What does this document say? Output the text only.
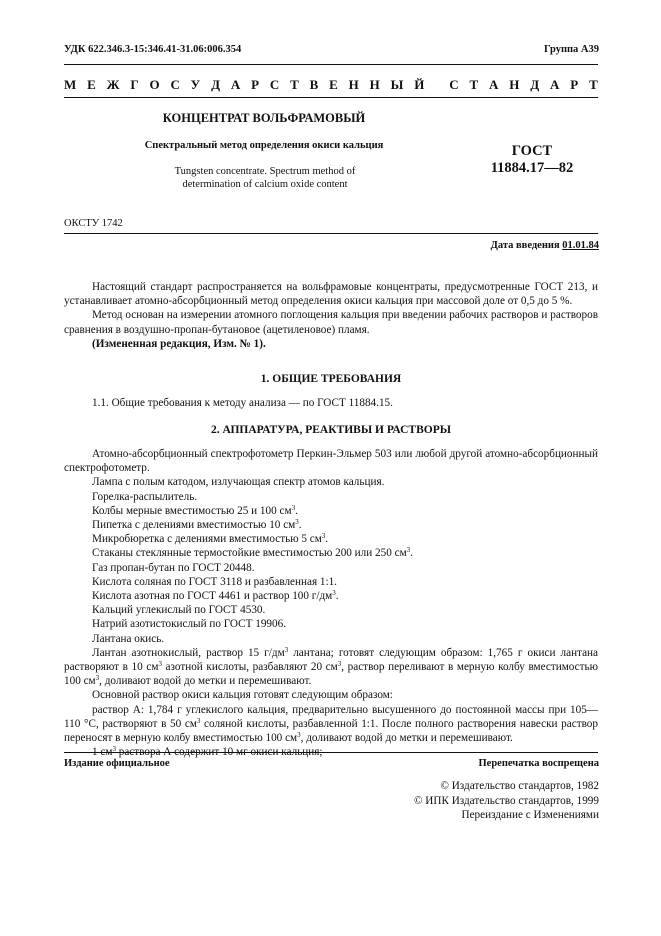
УДК 622.346.3-15:346.41-31.06:006.354	Группа А39
М Е Ж Г О С У Д А Р С Т В Е Н Н Ы Й
С Т А Н Д А Р Т
КОНЦЕНТРАТ ВОЛЬФРАМОВЫЙ
Спектральный метод определения окиси кальция
Tungsten concentrate. Spectrum method of
determination of calcium oxide content
ГОСТ
11884.17—82
ОКСТУ 1742
Дата введения 01.01.84

Настоящий стандарт распространяется на вольфрамовые концентраты, предусмотренные ГОСТ 213, и устанавливает атомно-абсорбционный метод определения окиси кальция при массовой доле от 0,5 до 5 %.

Метод основан на измерении атомного поглощения кальция при введении рабочих растворов и растворов сравнения в воздушно-пропан-бутановое (ацетиленовое) пламя.

(Измененная редакция, Изм. № 1).

1. ОБЩИЕ ТРЕБОВАНИЯ

1.1. Общие требования к методу анализа — по ГОСТ 11884.15.

2. АППАРАТУРА, РЕАКТИВЫ И РАСТВОРЫ

Атомно-абсорбционный спектрофотометр Перкин-Эльмер 503 или любой другой атомно-абсорбционный спектрофотометр.

Лампа с полым катодом, излучающая спектр атомов кальция.

Горелка-распылитель.

Колбы мерные вместимостью 25 и 100 $см^3$.

Пипетка с делениями вместимостью 10 $см^3$.

Микробюретка с делениями вместимостью 5 $см^3$.

Стаканы стеклянные термостойкие вместимостью 200 или 250 $см^3$.

Газ пропан-бутан по ГОСТ 20448.

Кислота соляная по ГОСТ 3118 и разбавленная 1:1.

Кислота азотная по ГОСТ 4461 и раствор 100 $г/дм^3$.

Кальций углекислый по ГОСТ 4530.

Натрий азотистокислый по ГОСТ 19906.

Лантана окись.

Лантан азотнокислый, раствор 15 $г/дм^3$ лантана; готовят следующим образом: 1,765 г окиси лантана растворяют в 10 $см^3$ азотной кислоты, разбавляют 20 $см^3$, раствор переливают в мерную колбу вместимостью 100 $см^3$, доливают водой до метки и перемешивают.

Основной раствор окиси кальция готовят следующим образом:

раствор А: 1,784 г углекислого кальция, предварительно высушенного до постоянной массы при 105—110 °С, растворяют в 50 $см^3$ соляной кислоты, разбавленной 1:1. После полного растворения навески раствор переносят в мерную колбу вместимостью 100 $см^3$, доливают водой до метки и перемешивают.

1 $см^3$ раствора А содержит 10 мг окиси кальция;

Издание официальное	Перепечатка воспрещена
© Издательство стандартов, 1982
© ИПК Издательство стандартов, 1999
Переиздание с Изменениями
